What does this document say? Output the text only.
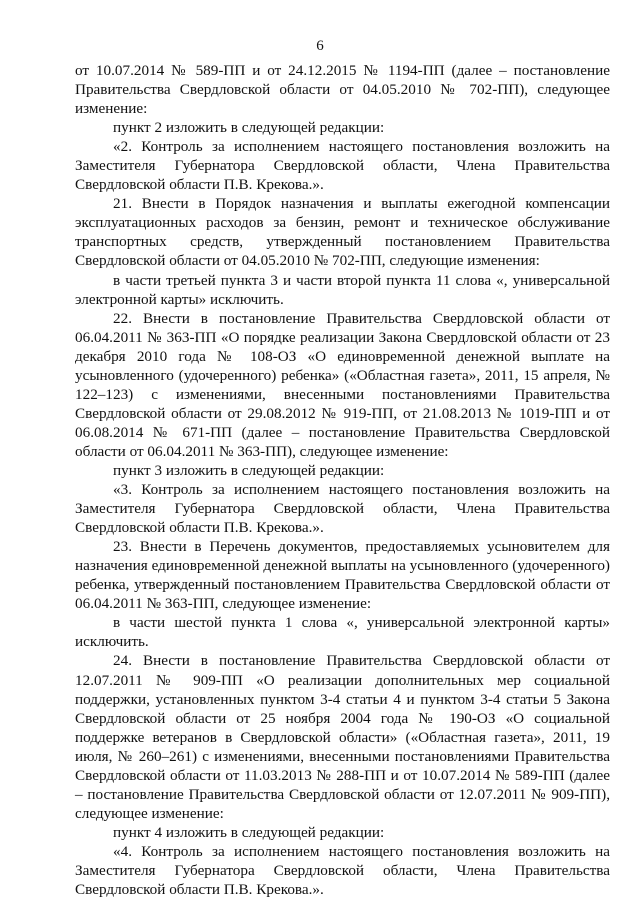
6

от 10.07.2014 № 589-ПП и от 24.12.2015 № 1194-ПП (далее – постановление Правительства Свердловской области от 04.05.2010 № 702-ПП), следующее изменение:

пункт 2 изложить в следующей редакции:

«2. Контроль за исполнением настоящего постановления возложить на Заместителя Губернатора Свердловской области, Члена Правительства Свердловской области П.В. Крекова.».

21. Внести в Порядок назначения и выплаты ежегодной компенсации эксплуатационных расходов за бензин, ремонт и техническое обслуживание транспортных средств, утвержденный постановлением Правительства Свердловской области от 04.05.2010 № 702-ПП, следующие изменения:

в части третьей пункта 3 и части второй пункта 11 слова «, универсальной электронной карты» исключить.

22. Внести в постановление Правительства Свердловской области от 06.04.2011 № 363-ПП «О порядке реализации Закона Свердловской области от 23 декабря 2010 года № 108-ОЗ «О единовременной денежной выплате на усыновленного (удочеренного) ребенка» («Областная газета», 2011, 15 апреля, № 122–123) с изменениями, внесенными постановлениями Правительства Свердловской области от 29.08.2012 № 919-ПП, от 21.08.2013 № 1019-ПП и от 06.08.2014 № 671-ПП (далее – постановление Правительства Свердловской области от 06.04.2011 № 363-ПП), следующее изменение:

пункт 3 изложить в следующей редакции:

«3. Контроль за исполнением настоящего постановления возложить на Заместителя Губернатора Свердловской области, Члена Правительства Свердловской области П.В. Крекова.».

23. Внести в Перечень документов, предоставляемых усыновителем для назначения единовременной денежной выплаты на усыновленного (удочеренного) ребенка, утвержденный постановлением Правительства Свердловской области от 06.04.2011 № 363-ПП, следующее изменение:

в части шестой пункта 1 слова «, универсальной электронной карты» исключить.

24. Внести в постановление Правительства Свердловской области от 12.07.2011 № 909-ПП «О реализации дополнительных мер социальной поддержки, установленных пунктом 3-4 статьи 4 и пунктом 3-4 статьи 5 Закона Свердловской области от 25 ноября 2004 года № 190-ОЗ «О социальной поддержке ветеранов в Свердловской области» («Областная газета», 2011, 19 июля, № 260–261) с изменениями, внесенными постановлениями Правительства Свердловской области от 11.03.2013 № 288-ПП и от 10.07.2014 № 589-ПП (далее – постановление Правительства Свердловской области от 12.07.2011 № 909-ПП), следующее изменение:

пункт 4 изложить в следующей редакции:

«4. Контроль за исполнением настоящего постановления возложить на Заместителя Губернатора Свердловской области, Члена Правительства Свердловской области П.В. Крекова.».
